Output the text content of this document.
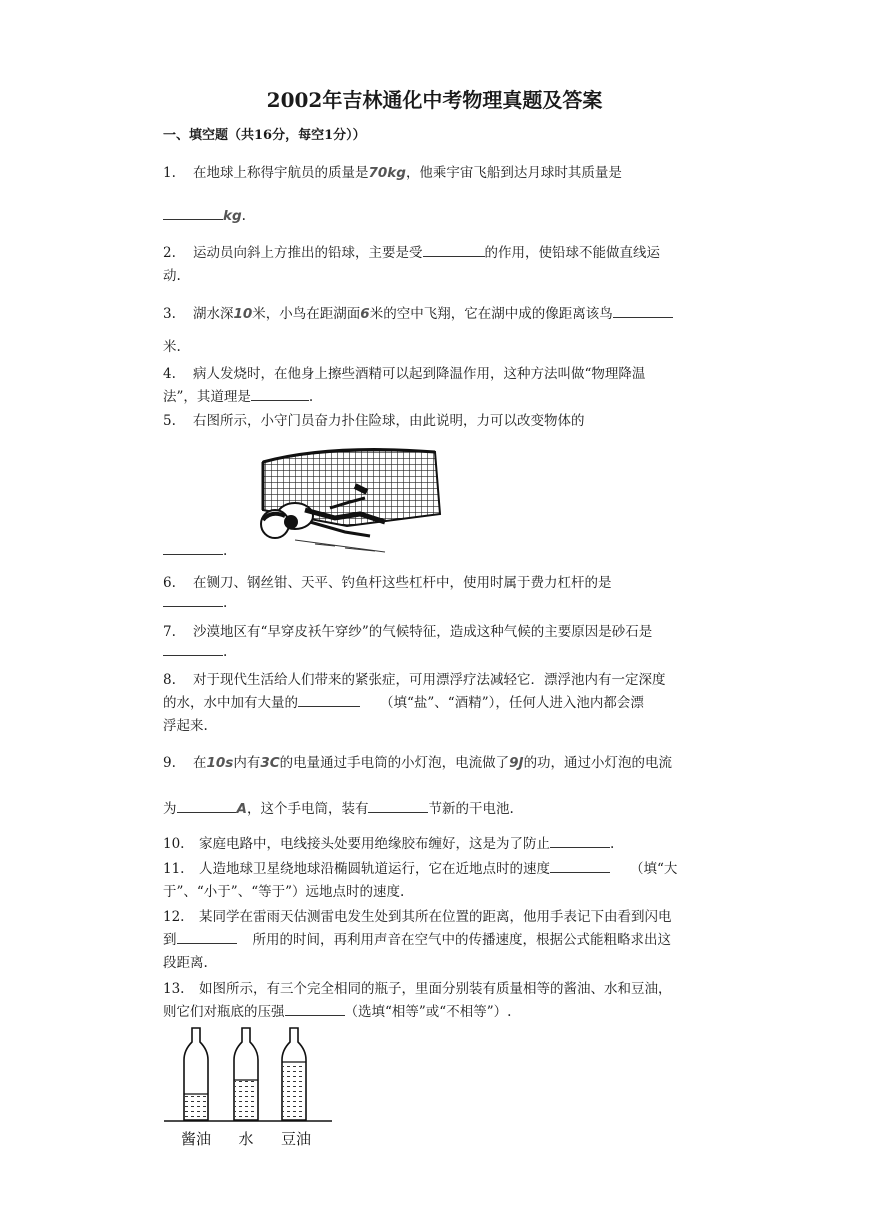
2002年吉林通化中考物理真题及答案
一、填空题（共16分，每空1分））
1. 在地球上称得宇航员的质量是70kg，他乘宇宙飞船到达月球时其质量是
kg.
2. 运动员向斜上方推出的铅球，主要是受	的作用，使铅球不能做直线运
动.
3. 湖水深10米，小鸟在距湖面6米的空中飞翔，它在湖中成的像距离该鸟
米.
4. 病人发烧时，在他身上擦些酒精可以起到降温作用，这种方法叫做“物理降温
法”，其道理是	.
5. 右图所示，小守门员奋力扑住险球，由此说明，力可以改变物体的
.
6. 在铡刀、钢丝钳、天平、钓鱼杆这些杠杆中，使用时属于费力杠杆的是
.
7. 沙漠地区有“早穿皮袄午穿纱”的气候特征，造成这种气候的主要原因是砂石是
.
8. 对于现代生活给人们带来的紧张症，可用漂浮疗法减轻它．漂浮池内有一定深度
的水，水中加有大量的	（填“盐”、“酒精”），任何人进入池内都会漂
浮起来.
9. 在10s内有3C的电量通过手电筒的小灯泡，电流做了9J的功，通过小灯泡的电流
为	A，这个手电筒，装有	节新的干电池.
10. 家庭电路中，电线接头处要用绝缘胶布缠好，这是为了防止	.
11. 人造地球卫星绕地球沿椭圆轨道运行，它在近地点时的速度	（填“大
于”、“小于”、“等于”）远地点时的速度.
12. 某同学在雷雨天估测雷电发生处到其所在位置的距离，他用手表记下由看到闪电
到	所用的时间，再利用声音在空气中的传播速度，根据公式能粗略求出这
段距离.
13. 如图所示，有三个完全相同的瓶子，里面分别装有质量相等的酱油、水和豆油，
则它们对瓶底的压强	（选填“相等”或“不相等”）.
酱油 水 豆油
